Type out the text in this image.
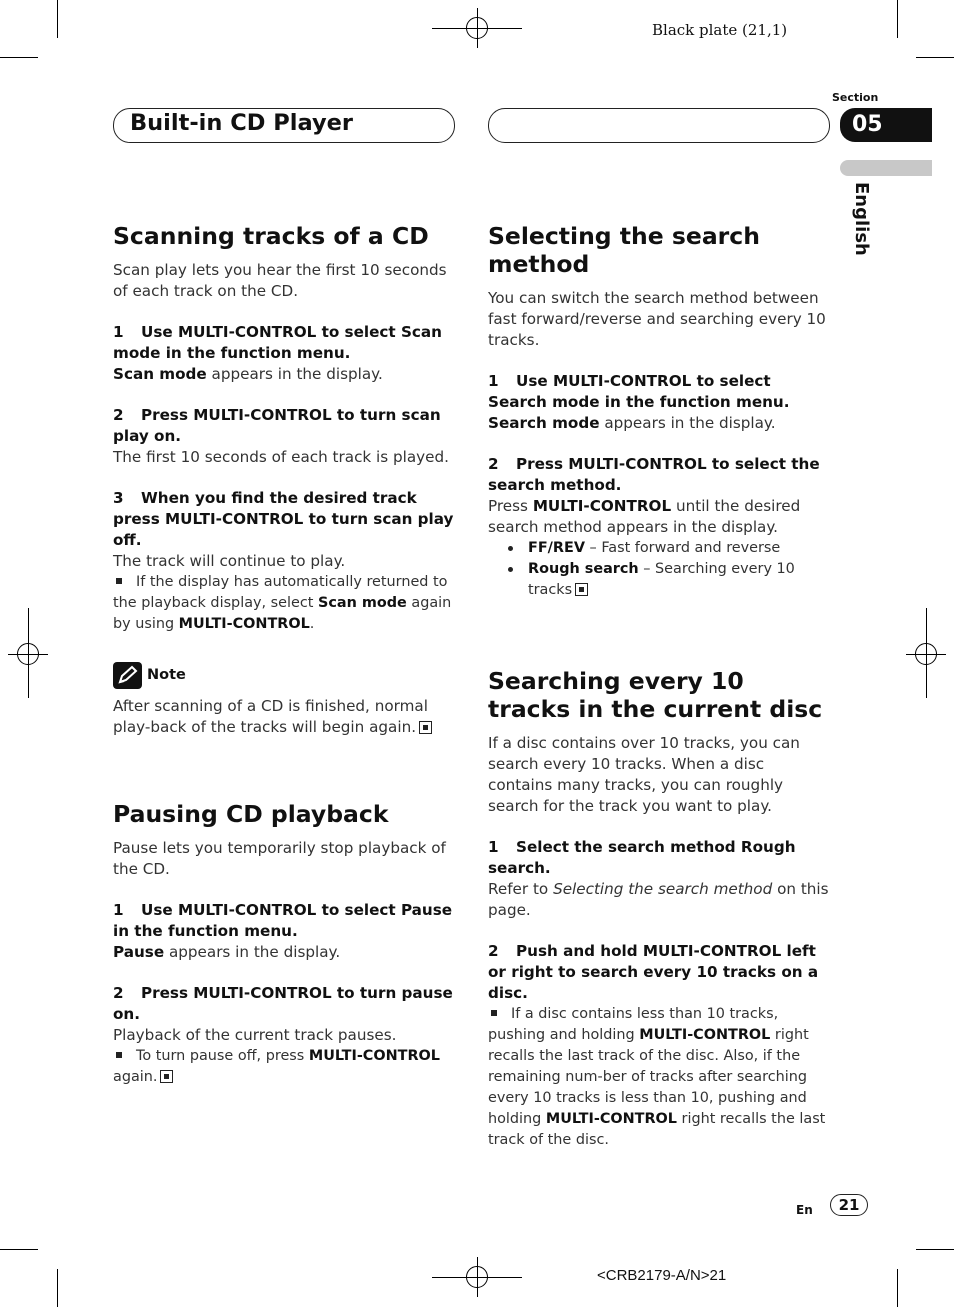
Black plate (21,1)
Built-in CD Player
Section
05
English
Scanning tracks of a CD

Scan play lets you hear the first 10 seconds of each track on the CD.

1 Use MULTI-CONTROL to select Scan mode in the function menu.

Scan mode appears in the display.

2 Press MULTI-CONTROL to turn scan play on.

The first 10 seconds of each track is played.

3 When you find the desired track press MULTI-CONTROL to turn scan play off.

The track will continue to play.

If the display has automatically returned to the playback display, select Scan mode again by using MULTI-CONTROL.

Note

After scanning of a CD is finished, normal play-back of the tracks will begin again.

Pausing CD playback

Pause lets you temporarily stop playback of the CD.

1 Use MULTI-CONTROL to select Pause in the function menu.

Pause appears in the display.

2 Press MULTI-CONTROL to turn pause on.

Playback of the current track pauses.

To turn pause off, press MULTI-CONTROL again.

Selecting the search method

You can switch the search method between fast forward/reverse and searching every 10 tracks.

1 Use MULTI-CONTROL to select Search mode in the function menu.

Search mode appears in the display.

2 Press MULTI-CONTROL to select the search method.

Press MULTI-CONTROL until the desired search method appears in the display.

FF/REV – Fast forward and reverse
Rough search – Searching every 10 tracks
Searching every 10 tracks in the current disc

If a disc contains over 10 tracks, you can search every 10 tracks. When a disc contains many tracks, you can roughly search for the track you want to play.

1 Select the search method Rough search.

Refer to Selecting the search method on this page.

2 Push and hold MULTI-CONTROL left or right to search every 10 tracks on a disc.

If a disc contains less than 10 tracks, pushing and holding MULTI-CONTROL right recalls the last track of the disc. Also, if the remaining num-ber of tracks after searching every 10 tracks is less than 10, pushing and holding MULTI-CONTROL right recalls the last track of the disc.

En	21
<CRB2179-A/N>21
